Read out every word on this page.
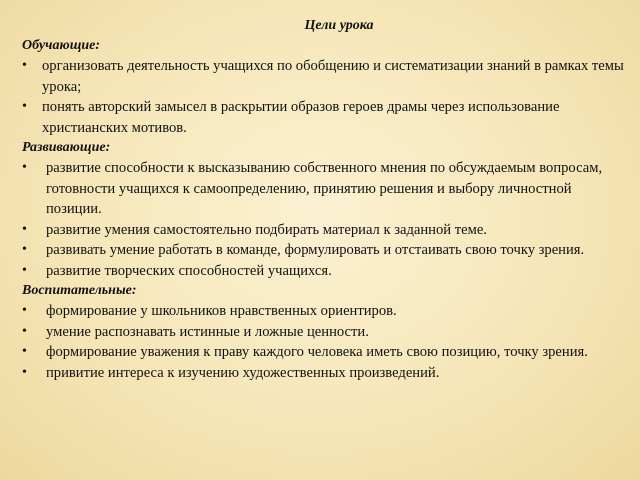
Цели урока
Обучающие:
• организовать деятельность учащихся по обобщению и систематизации знаний в рамках темы урока;
• понять авторский замысел в раскрытии образов героев драмы через использование христианских мотивов.
Развивающие:
• развитие способности к высказыванию собственного мнения по обсуждаемым вопросам, готовности учащихся к самоопределению, принятию решения и выбору личностной позиции.
• развитие умения самостоятельно подбирать материал к заданной теме.
• развивать умение работать в команде, формулировать и отстаивать свою точку зрения.
• развитие творческих способностей учащихся.
Воспитательные:
• формирование у школьников нравственных ориентиров.
• умение распознавать истинные и ложные ценности.
• формирование уважения к праву каждого человека иметь свою позицию, точку зрения.
• привитие интереса к изучению художественных произведений.
